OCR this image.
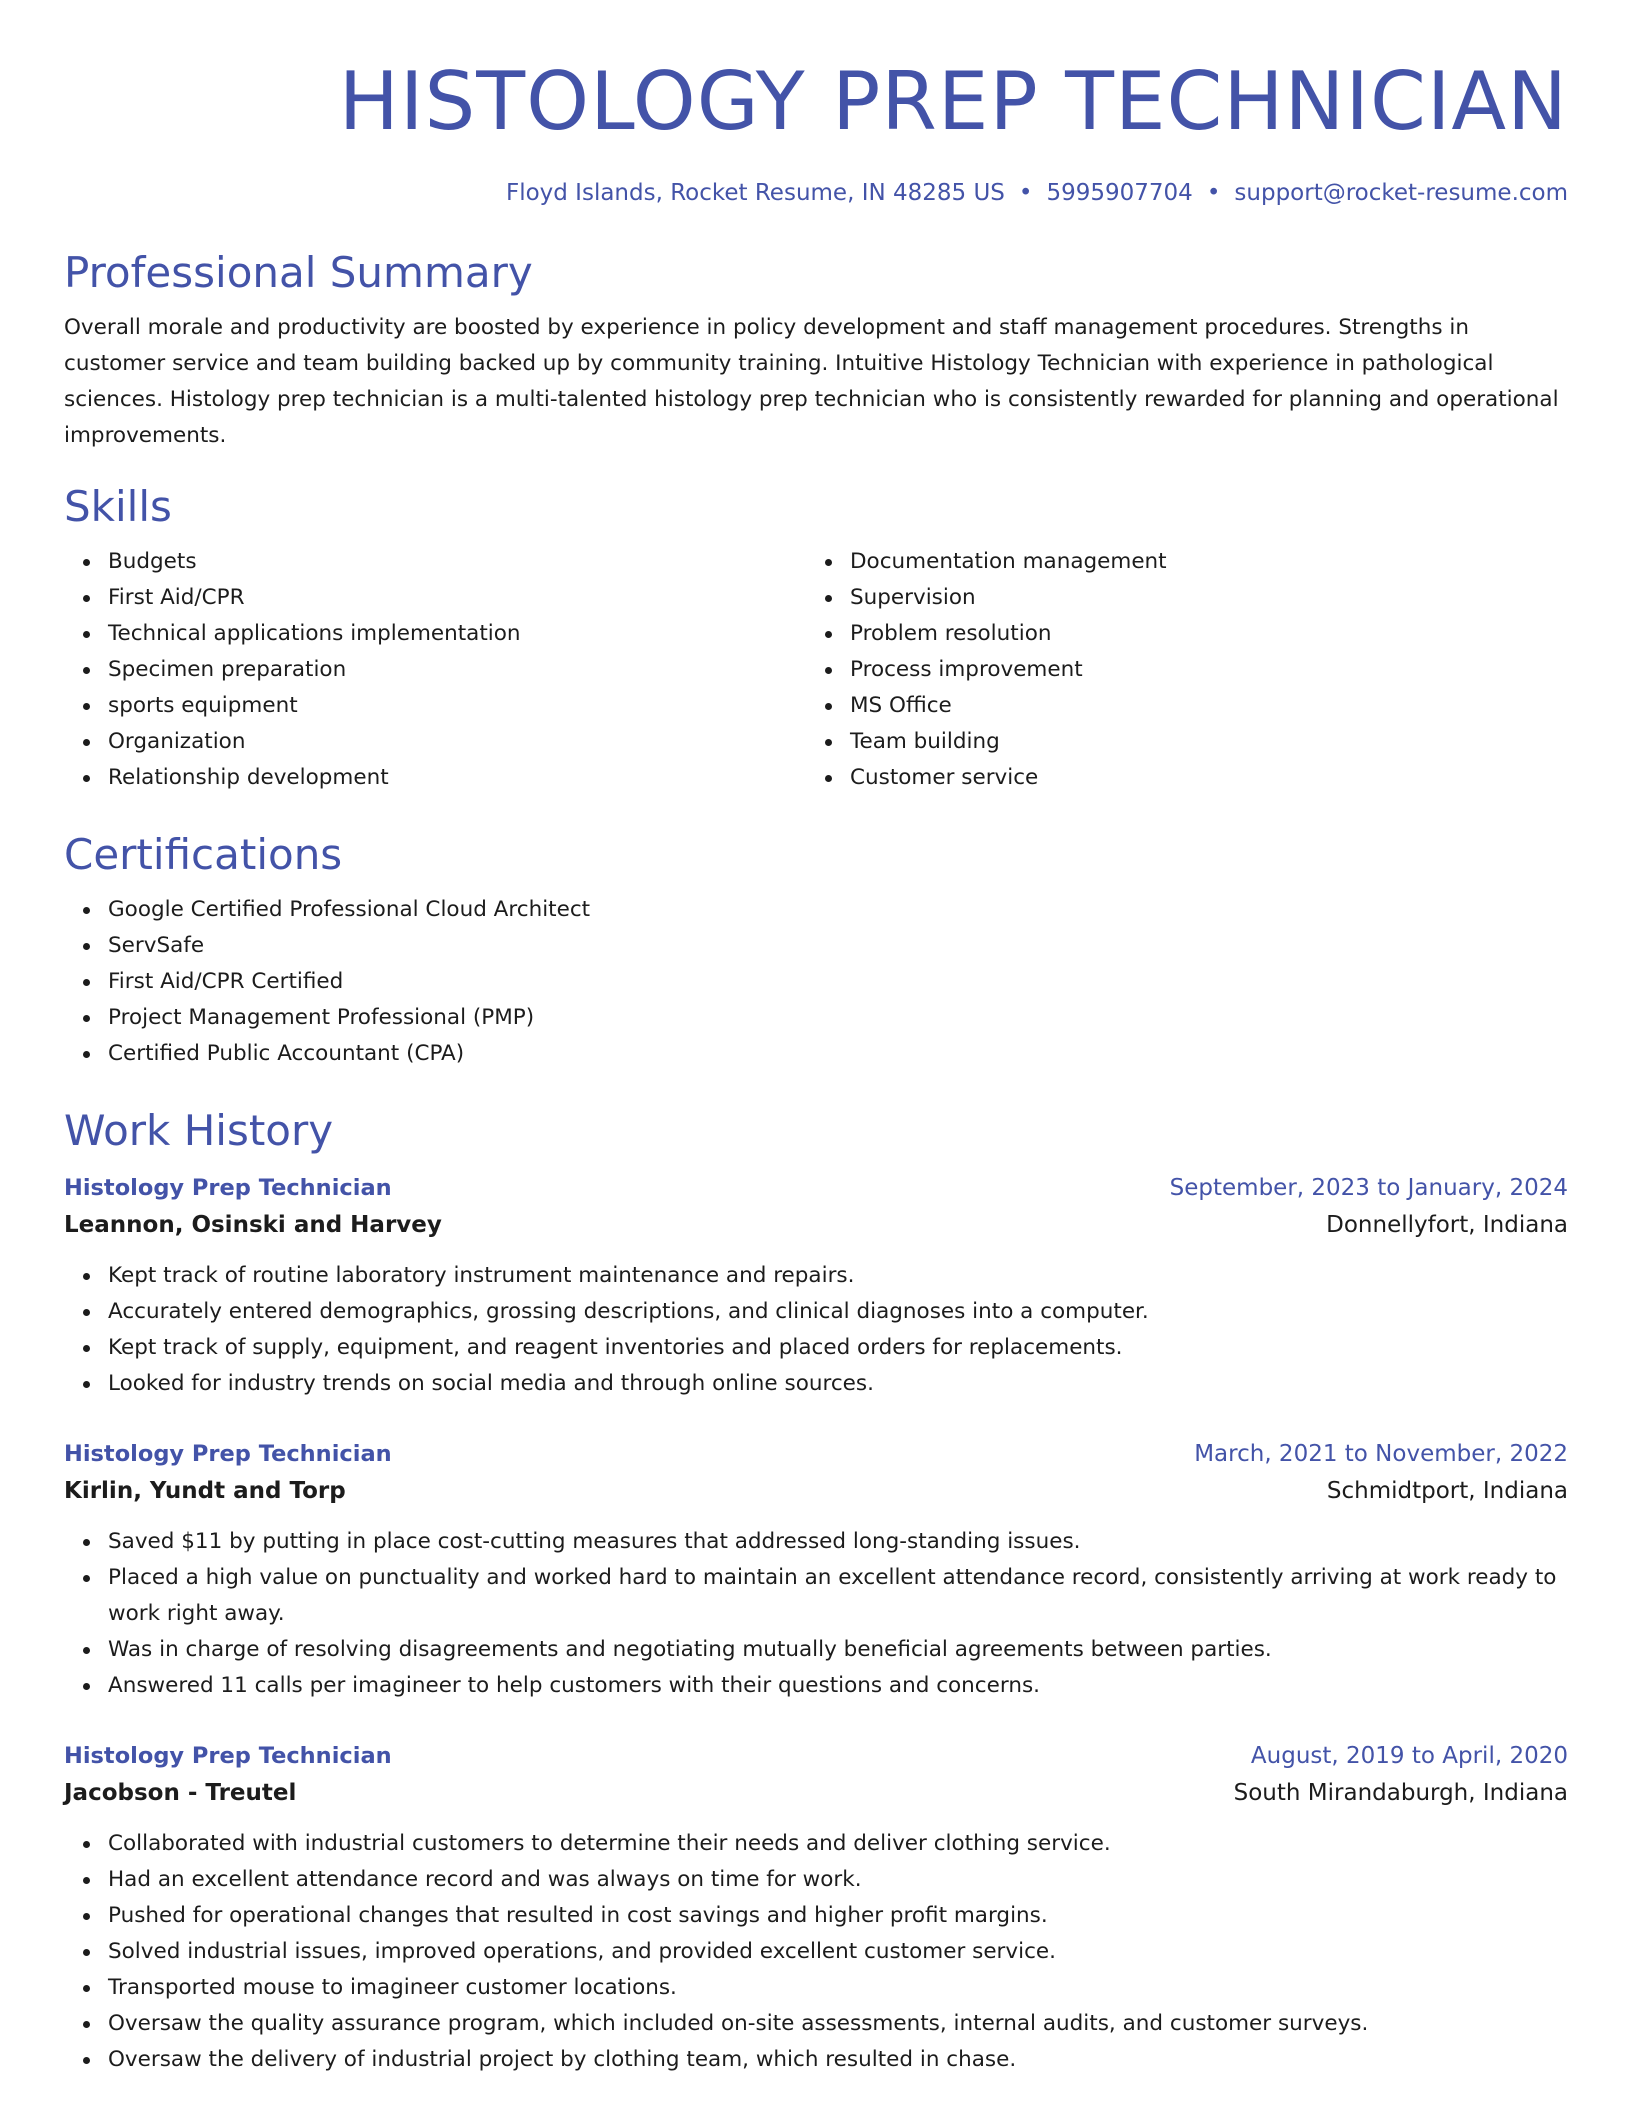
HISTOLOGY PREP TECHNICIAN
Floyd Islands, Rocket Resume, IN 48285 US • 5995907704 • support@rocket-resume.com
Professional Summary
Overall morale and productivity are boosted by experience in policy development and staff management procedures. Strengths in customer service and team building backed up by community training. Intuitive Histology Technician with experience in pathological sciences. Histology prep technician is a multi-talented histology prep technician who is consistently rewarded for planning and operational improvements.
Skills
Budgets
First Aid/CPR
Technical applications implementation
Specimen preparation
sports equipment
Organization
Relationship development
Documentation management
Supervision
Problem resolution
Process improvement
MS Office
Team building
Customer service
Certifications
Google Certified Professional Cloud Architect
ServSafe
First Aid/CPR Certified
Project Management Professional (PMP)
Certified Public Accountant (CPA)
Work History
Histology Prep Technician	September, 2023 to January, 2024
Leannon, Osinski and Harvey	Donnellyfort, Indiana
Kept track of routine laboratory instrument maintenance and repairs.
Accurately entered demographics, grossing descriptions, and clinical diagnoses into a computer.
Kept track of supply, equipment, and reagent inventories and placed orders for replacements.
Looked for industry trends on social media and through online sources.
Histology Prep Technician	March, 2021 to November, 2022
Kirlin, Yundt and Torp	Schmidtport, Indiana
Saved $11 by putting in place cost-cutting measures that addressed long-standing issues.
Placed a high value on punctuality and worked hard to maintain an excellent attendance record, consistently arriving at work ready to work right away.
Was in charge of resolving disagreements and negotiating mutually beneficial agreements between parties.
Answered 11 calls per imagineer to help customers with their questions and concerns.
Histology Prep Technician	August, 2019 to April, 2020
Jacobson - Treutel	South Mirandaburgh, Indiana
Collaborated with industrial customers to determine their needs and deliver clothing service.
Had an excellent attendance record and was always on time for work.
Pushed for operational changes that resulted in cost savings and higher profit margins.
Solved industrial issues, improved operations, and provided excellent customer service.
Transported mouse to imagineer customer locations.
Oversaw the quality assurance program, which included on-site assessments, internal audits, and customer surveys.
Oversaw the delivery of industrial project by clothing team, which resulted in chase.
